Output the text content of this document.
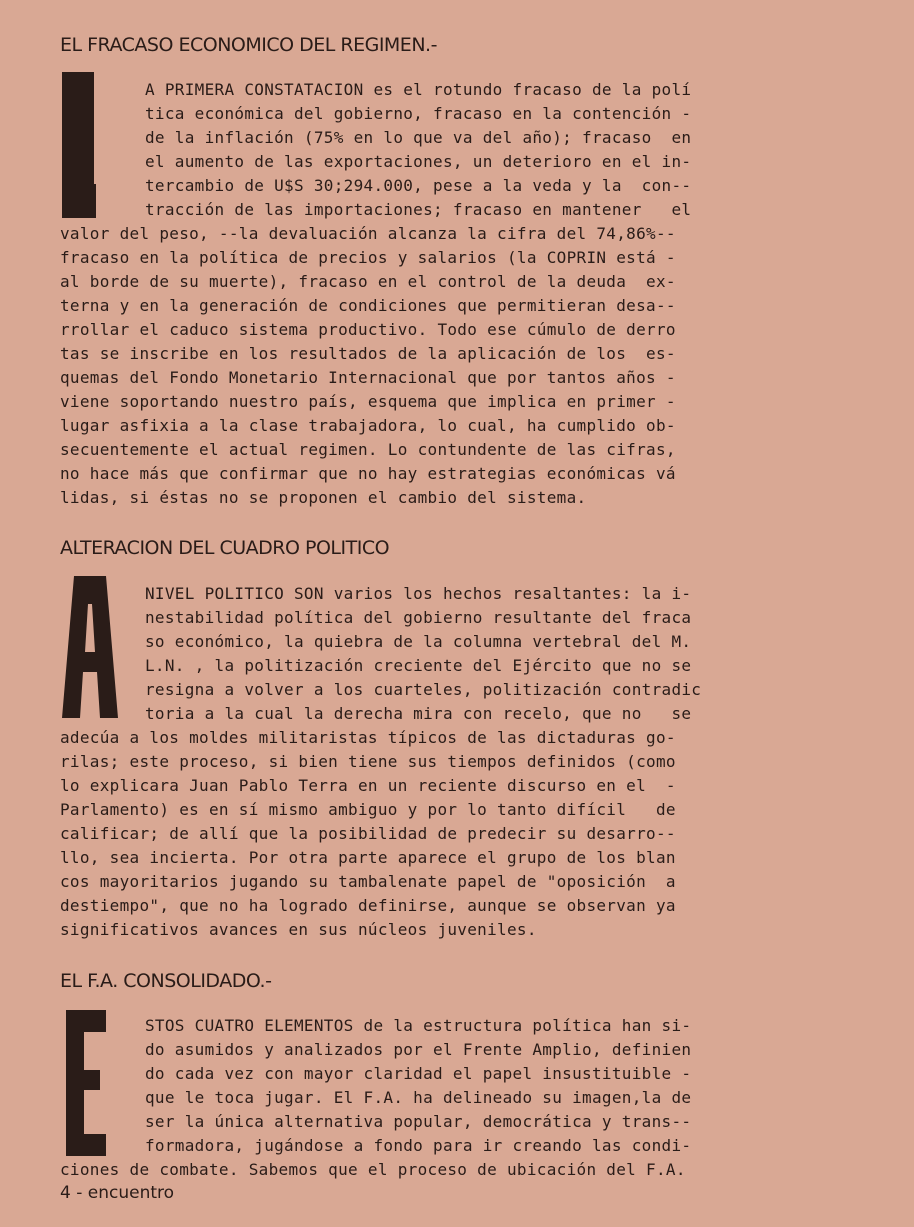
EL FRACASO ECONOMICO DEL REGIMEN.-
A PRIMERA CONSTATACION es el rotundo fracaso de la polí
tica económica del gobierno, fracaso en la contención -
de la inflación (75% en lo que va del año); fracaso  en
el aumento de las exportaciones, un deterioro en el in-
tercambio de U$S 30;294.000, pese a la veda y la  con--
tracción de las importaciones; fracaso en mantener   el
valor del peso, --la devaluación alcanza la cifra del 74,86%--
fracaso en la política de precios y salarios (la COPRIN está -
al borde de su muerte), fracaso en el control de la deuda  ex-
terna y en la generación de condiciones que permitieran desa--
rrollar el caduco sistema productivo. Todo ese cúmulo de derro
tas se inscribe en los resultados de la aplicación de los  es-
quemas del Fondo Monetario Internacional que por tantos años -
viene soportando nuestro país, esquema que implica en primer -
lugar asfixia a la clase trabajadora, lo cual, ha cumplido ob-
secuentemente el actual regimen. Lo contundente de las cifras,
no hace más que confirmar que no hay estrategias económicas vá
lidas, si éstas no se proponen el cambio del sistema.
ALTERACION DEL CUADRO POLITICO
NIVEL POLITICO SON varios los hechos resaltantes: la i-
nestabilidad política del gobierno resultante del fraca
so económico, la quiebra de la columna vertebral del M.
L.N. , la politización creciente del Ejército que no se
resigna a volver a los cuarteles, politización contradic
toria a la cual la derecha mira con recelo, que no   se
adecúa a los moldes militaristas típicos de las dictaduras go-
rilas; este proceso, si bien tiene sus tiempos definidos (como
lo explicara Juan Pablo Terra en un reciente discurso en el  -
Parlamento) es en sí mismo ambiguo y por lo tanto difícil   de
calificar; de allí que la posibilidad de predecir su desarro--
llo, sea incierta. Por otra parte aparece el grupo de los blan
cos mayoritarios jugando su tambalenate papel de "oposición  a
destiempo", que no ha logrado definirse, aunque se observan ya
significativos avances en sus núcleos juveniles.
EL F.A. CONSOLIDADO.-
STOS CUATRO ELEMENTOS de la estructura política han si-
do asumidos y analizados por el Frente Amplio, definien
do cada vez con mayor claridad el papel insustituible -
que le toca jugar. El F.A. ha delineado su imagen,la de
ser la única alternativa popular, democrática y trans--
formadora, jugándose a fondo para ir creando las condi-
ciones de combate. Sabemos que el proceso de ubicación del F.A.
4 - encuentro
